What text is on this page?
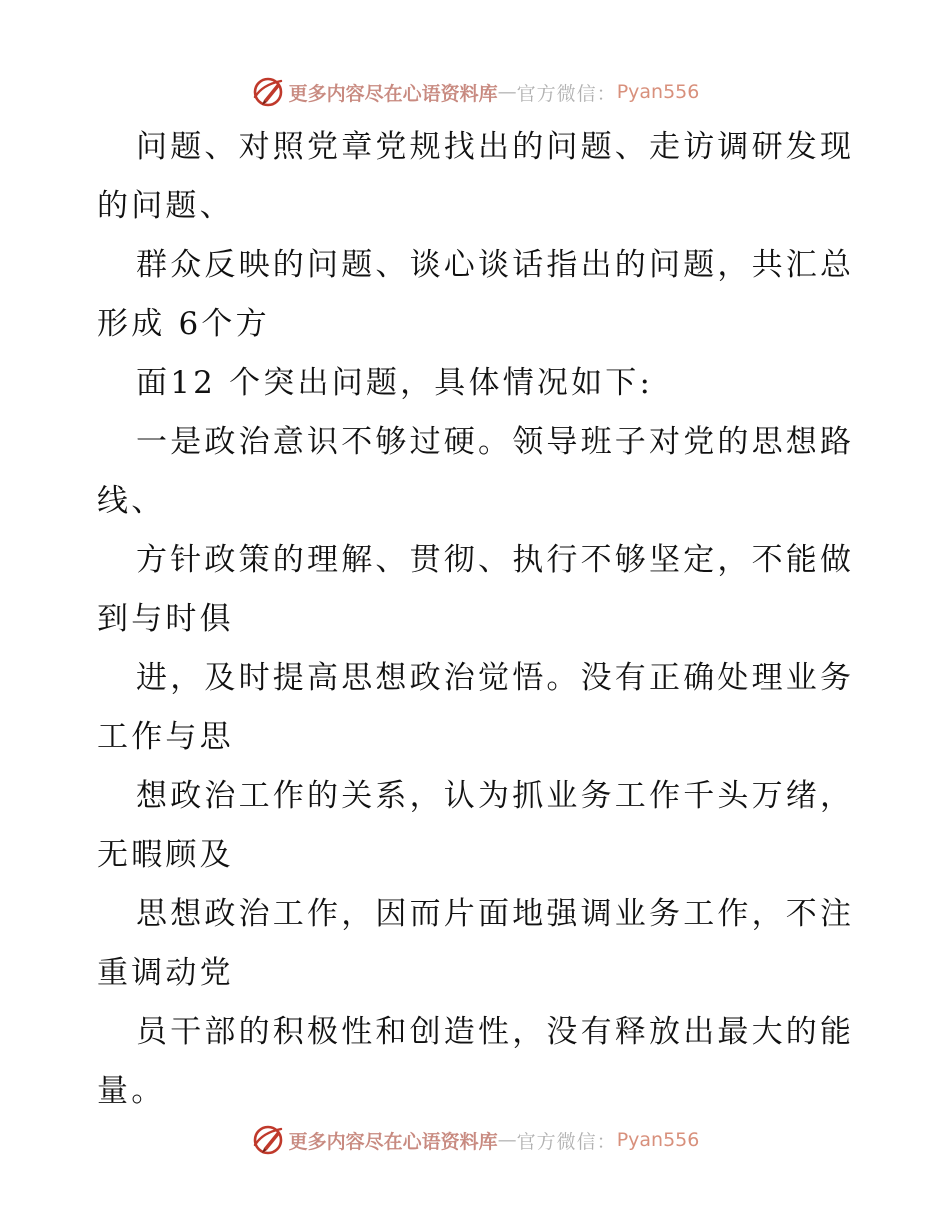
更多内容尽在心语资料库 — 官方微信： Pyan556
问题、对照党章党规找出的问题、走访调研发现
的问题、
群众反映的问题、谈心谈话指出的问题，共汇总
形成 6个方
面12 个突出问题，具体情况如下:
一是政治意识不够过硬。领导班子对党的思想路
线、
方针政策的理解、贯彻、执行不够坚定，不能做
到与时俱
进，及时提高思想政治觉悟。没有正确处理业务
工作与思
想政治工作的关系，认为抓业务工作千头万绪，
无暇顾及
思想政治工作，因而片面地强调业务工作，不注
重调动党
员干部的积极性和创造性，没有释放出最大的能
量。
更多内容尽在心语资料库 — 官方微信： Pyan556
